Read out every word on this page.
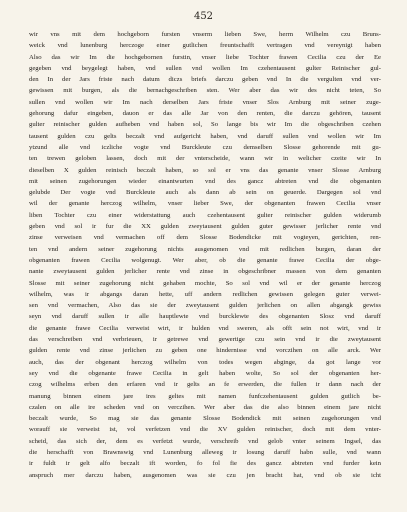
452
wir vns mit dem hochgeborn fursten vnserm lieben Swe, herrn Wilhelm czu Bruns-
weick vnd lunenburg herczoge einer gutlichen freuntschafft vertragen vnd vereynigt haben
Also das wir Im die hochgebornen furstin, vnser liebe Tochter frawen Cecilia czu der Ee
gegeben vnd beygelegt haben, vnd sullen vnd wollen Im czehentausent gulter Reinischer gul-
den In der Jars friste nach datum diczs briefs darczu geben vnd In die vergulten vnd ver-
gewissen mit burgen, als die bernachgeschriben sten. Wer aber das wir des nicht teten, So
sullen vnd wollen wir Im nach derselben Jars friste vnser Slos Arnburg mit seiner zuge-
gehorung dafur eingeben, dauon er das alle Jar von den renten, die darczu gehören, tausent
gulter reinischer gulden aufheben vnd haben sol, So lange bis wir Im die obgeschriben czehen
tausent gulden czu gelts beczalt vnd aufgericht haben, vnd daruff sullen vnd wollen wir Im
ytzund alle vnd iczliche vogte vnd Burckleute czu demselben Slosse gehorende mit gu-
ten trewen geloben lassen, doch mit der vnterscheide, wann wir in welicher czeite wir In
dieselben X gulden reinisch beczalt haben, so sol er vns das genante vnser Slosse Arnburg
mit seinen zugehorungen wieder einantwurten vnd des gancz abtreten vnd die obgenanten
gelubde Der vogte vnd Burckleute auch als dann ab sein on geuerde. Dargegen sol vnd
wil der genante herczog wilhelm, vnser lieber Swe, der obgenanten frawen Cecilia vnser
liben Tochter czu einer widerstattung auch czehentausent gulter reinischer gulden widerumb
geben vnd sol ir fur die XX gulden zweytausent gulden guter gewisser jerlicher rente vnd
zinse verweisen vnd vermachen off dem Slosse Bodendicke mit vogteyen, gerichten, ren-
ten vnd andern seiner zugehorung nichts ausgenomen vnd mit redlichen burgen, daran der
obgenanten frawen Cecilia wolgenugt. Wer aber, ob die genante frawe Cecilia der obge-
nante zweytausent gulden jerlicher rente vnd zinse in obgeschribner massen von dem genanten
Slosse mit seiner zugehorung nicht gehaben mochte, So sol vnd wil er der genante herczog
wilhelm, was ir abgangs daran hette, uff andern redlichen gewissen gelegen guter verwei-
sen vnd vermachen, Also das sie der zweytausent gulden jerlichen on allen abgangk gewiss
seyn vnd daruff sullen ir alle hauptlewte vnd burcklewte des obgenanten Slosz vnd daruff
die genante frawe Cecilia verweist wirt, ir hulden vnd sweren, als offt sein not wirt, vnd ir
das verschreiben vnd verbrieuen, ir getrewe vnd gewertige czu sein vnd ir die zweytausent
gulden rente vnd zinse jerlichen zu geben one hindernisse vnd vorczihen on alle arck. Wer
auch, das der obgenant herczog wilhelm von todes wegen abginge, da got lange vor
sey vnd die obgenante frawe Cecilia in gelt haben wolte, So sol der obgenanten her-
czog wilhelms erben den erfaren vnd ir gelts an fe erwerden, die fullen ir dann nach der
manung binnen einem jare ires geltes mit namen funfczehentausent gulden gutlich be-
czalen on alle ire scheden vnd on verczihen. Wer aber das die also binnen einem jare nicht
beczalt wurde, So mag sie das genante Slosse Bodendick mit seinen zugehorungen vnd
worauff sie verweist ist, vol verfetzen vnd die XV gulden reinischer, doch mit dem vnter-
scheid, das sich der, dem es verfetzt wurde, verschreib vnd gelob vnter seinem Ingsel, das
die herschafft von Brawnswig vnd Lunenburg alleweg ir losung daruff habn sulle, vnd wann
ir fuldt ir gelt alfo beczalt ift worden, fo fol fie des gancz abtreten vnd furder kein
anspruch mer darczu haben, ausgenomen was sie czu jen bracht hat, vnd ob sie icht
